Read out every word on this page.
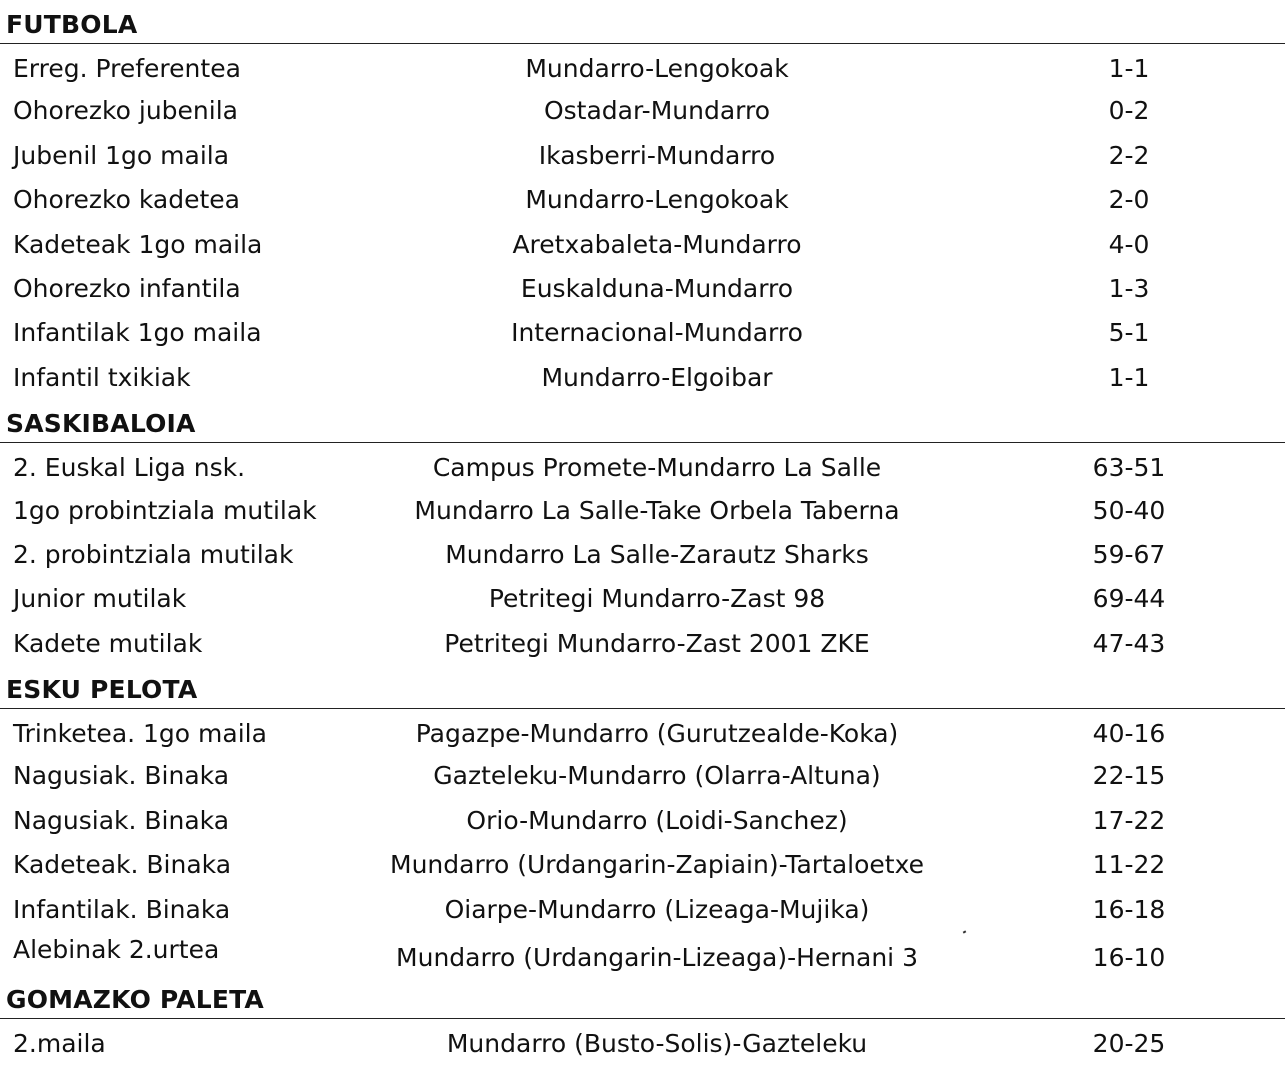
FUTBOLA
Erreg. Preferentea	Mundarro-Lengokoak	1-1
Ohorezko jubenila	Ostadar-Mundarro	0-2
Jubenil 1go maila	Ikasberri-Mundarro	2-2
Ohorezko kadetea	Mundarro-Lengokoak	2-0
Kadeteak 1go maila	Aretxabaleta-Mundarro	4-0
Ohorezko infantila	Euskalduna-Mundarro	1-3
Infantilak 1go maila	Internacional-Mundarro	5-1
Infantil txikiak	Mundarro-Elgoibar	1-1
SASKIBALOIA
2. Euskal Liga nsk.	Campus Promete-Mundarro La Salle	63-51
1go probintziala mutilak	Mundarro La Salle-Take Orbela Taberna	50-40
2. probintziala mutilak	Mundarro La Salle-Zarautz Sharks	59-67
Junior mutilak	Petritegi Mundarro-Zast 98	69-44
Kadete mutilak	Petritegi Mundarro-Zast 2001 ZKE	47-43
ESKU PELOTA
Trinketea. 1go maila	Pagazpe-Mundarro (Gurutzealde-Koka)	40-16
Nagusiak. Binaka	Gazteleku-Mundarro (Olarra-Altuna)	22-15
Nagusiak. Binaka	Orio-Mundarro (Loidi-Sanchez)	17-22
Kadeteak. Binaka	Mundarro (Urdangarin-Zapiain)-Tartaloetxe	11-22
Infantilak. Binaka	Oiarpe-Mundarro (Lizeaga-Mujika)	16-18
Alebinak 2.urtea	Mundarro (Urdangarin-Lizeaga)-Hernani 3	16-10
GOMAZKO PALETA
2.maila	Mundarro (Busto-Solis)-Gazteleku	20-25
